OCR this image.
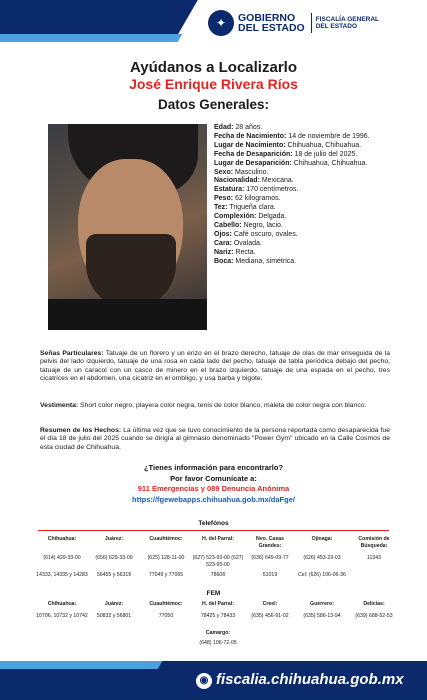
✦	GOBIERNO
DEL ESTADO
FISCALÍA GENERAL
DEL ESTADO
Ayúdanos a Localizarlo
José Enrique Rivera Ríos
Datos Generales:
Edad: 28 años.
Fecha de Nacimiento: 14 de noviembre de 1996.
Lugar de Nacimiento: Chihuahua, Chihuahua.
Fecha de Desaparición: 18 de julio del 2025.
Lugar de Desaparición: Chihuahua, Chihuahua.
Sexo: Masculino.
Nacionalidad: Mexicana.
Estatura: 170 centímetros.
Peso: 62 kilogramos.
Tez: Trigueña clara.
Complexión: Delgada.
Cabello: Negro, lacio.
Ojos: Café oscuro, ovales.
Cara: Ovalada.
Nariz: Recta.
Boca: Mediana, simétrica.
Señas Particulares: Tatuaje de un florero y un erizo en el brazo derecho, tatuaje de olas de mar enseguida de la pelvis del lado izquierdo, tatuaje de una rosa en cada lado del pecho, tatuaje de tabla periódica debajo del pecho, tatuaje de un caracol con un casco de minero en el brazo izquierdo, tatuaje de una espada en el pecho, tres cicatrices en el abdomen, una cicatriz en el ombligo, y usa barba y bigote.
Vestimenta: Short color negro, playera color negra, tenis de color blanco, maleta de color negra con blanco.
Resumen de los Hechos: La última vez que se tuvo conocimiento de la persona reportada como desaparecida fue el día 18 de julio del 2025 cuando se dirigía al gimnasio denominado "Power Gym" ubicado en la Calle Cosmos de esta ciudad de Chihuahua.
¿Tienes información para encontrarlo?
Por favor Comunícate a:
911 Emergencias y 089 Denuncia Anónima
https://fgewebapps.chihuahua.gob.mx/daFge/
Telefónos
Chihuahua:
(614) 429-33-00
Juárez:
(656) 629-33-00
Cuauhtémoc:
(625) 128-11-00
H. del Parral:
(627) 523-93-00 (627) 523-95-00
Nvo. Casas Grandes:
(636) 649-09-77
Ojinaga:
(626) 453-23-03
Comisión de Búsqueda:
11343
14333, 14335 y 14283	56455 y 56319	77049 y 77065	78606	51019	Cel: (626) 106-06-36
FEM
Chihuahua:
10706, 10732 y 10742
Juárez:
50832 y 56801
Cuauhtémoc:
77050
H. del Parral:
78425 y 78433
Creel:
(635) 456-91-02
Guerrero:
(635) 586-13-94
Delicias:
(639) 688-52-53
Camargo:
(648) 106-72-05
◉ fiscalia.chihuahua.gob.mx
